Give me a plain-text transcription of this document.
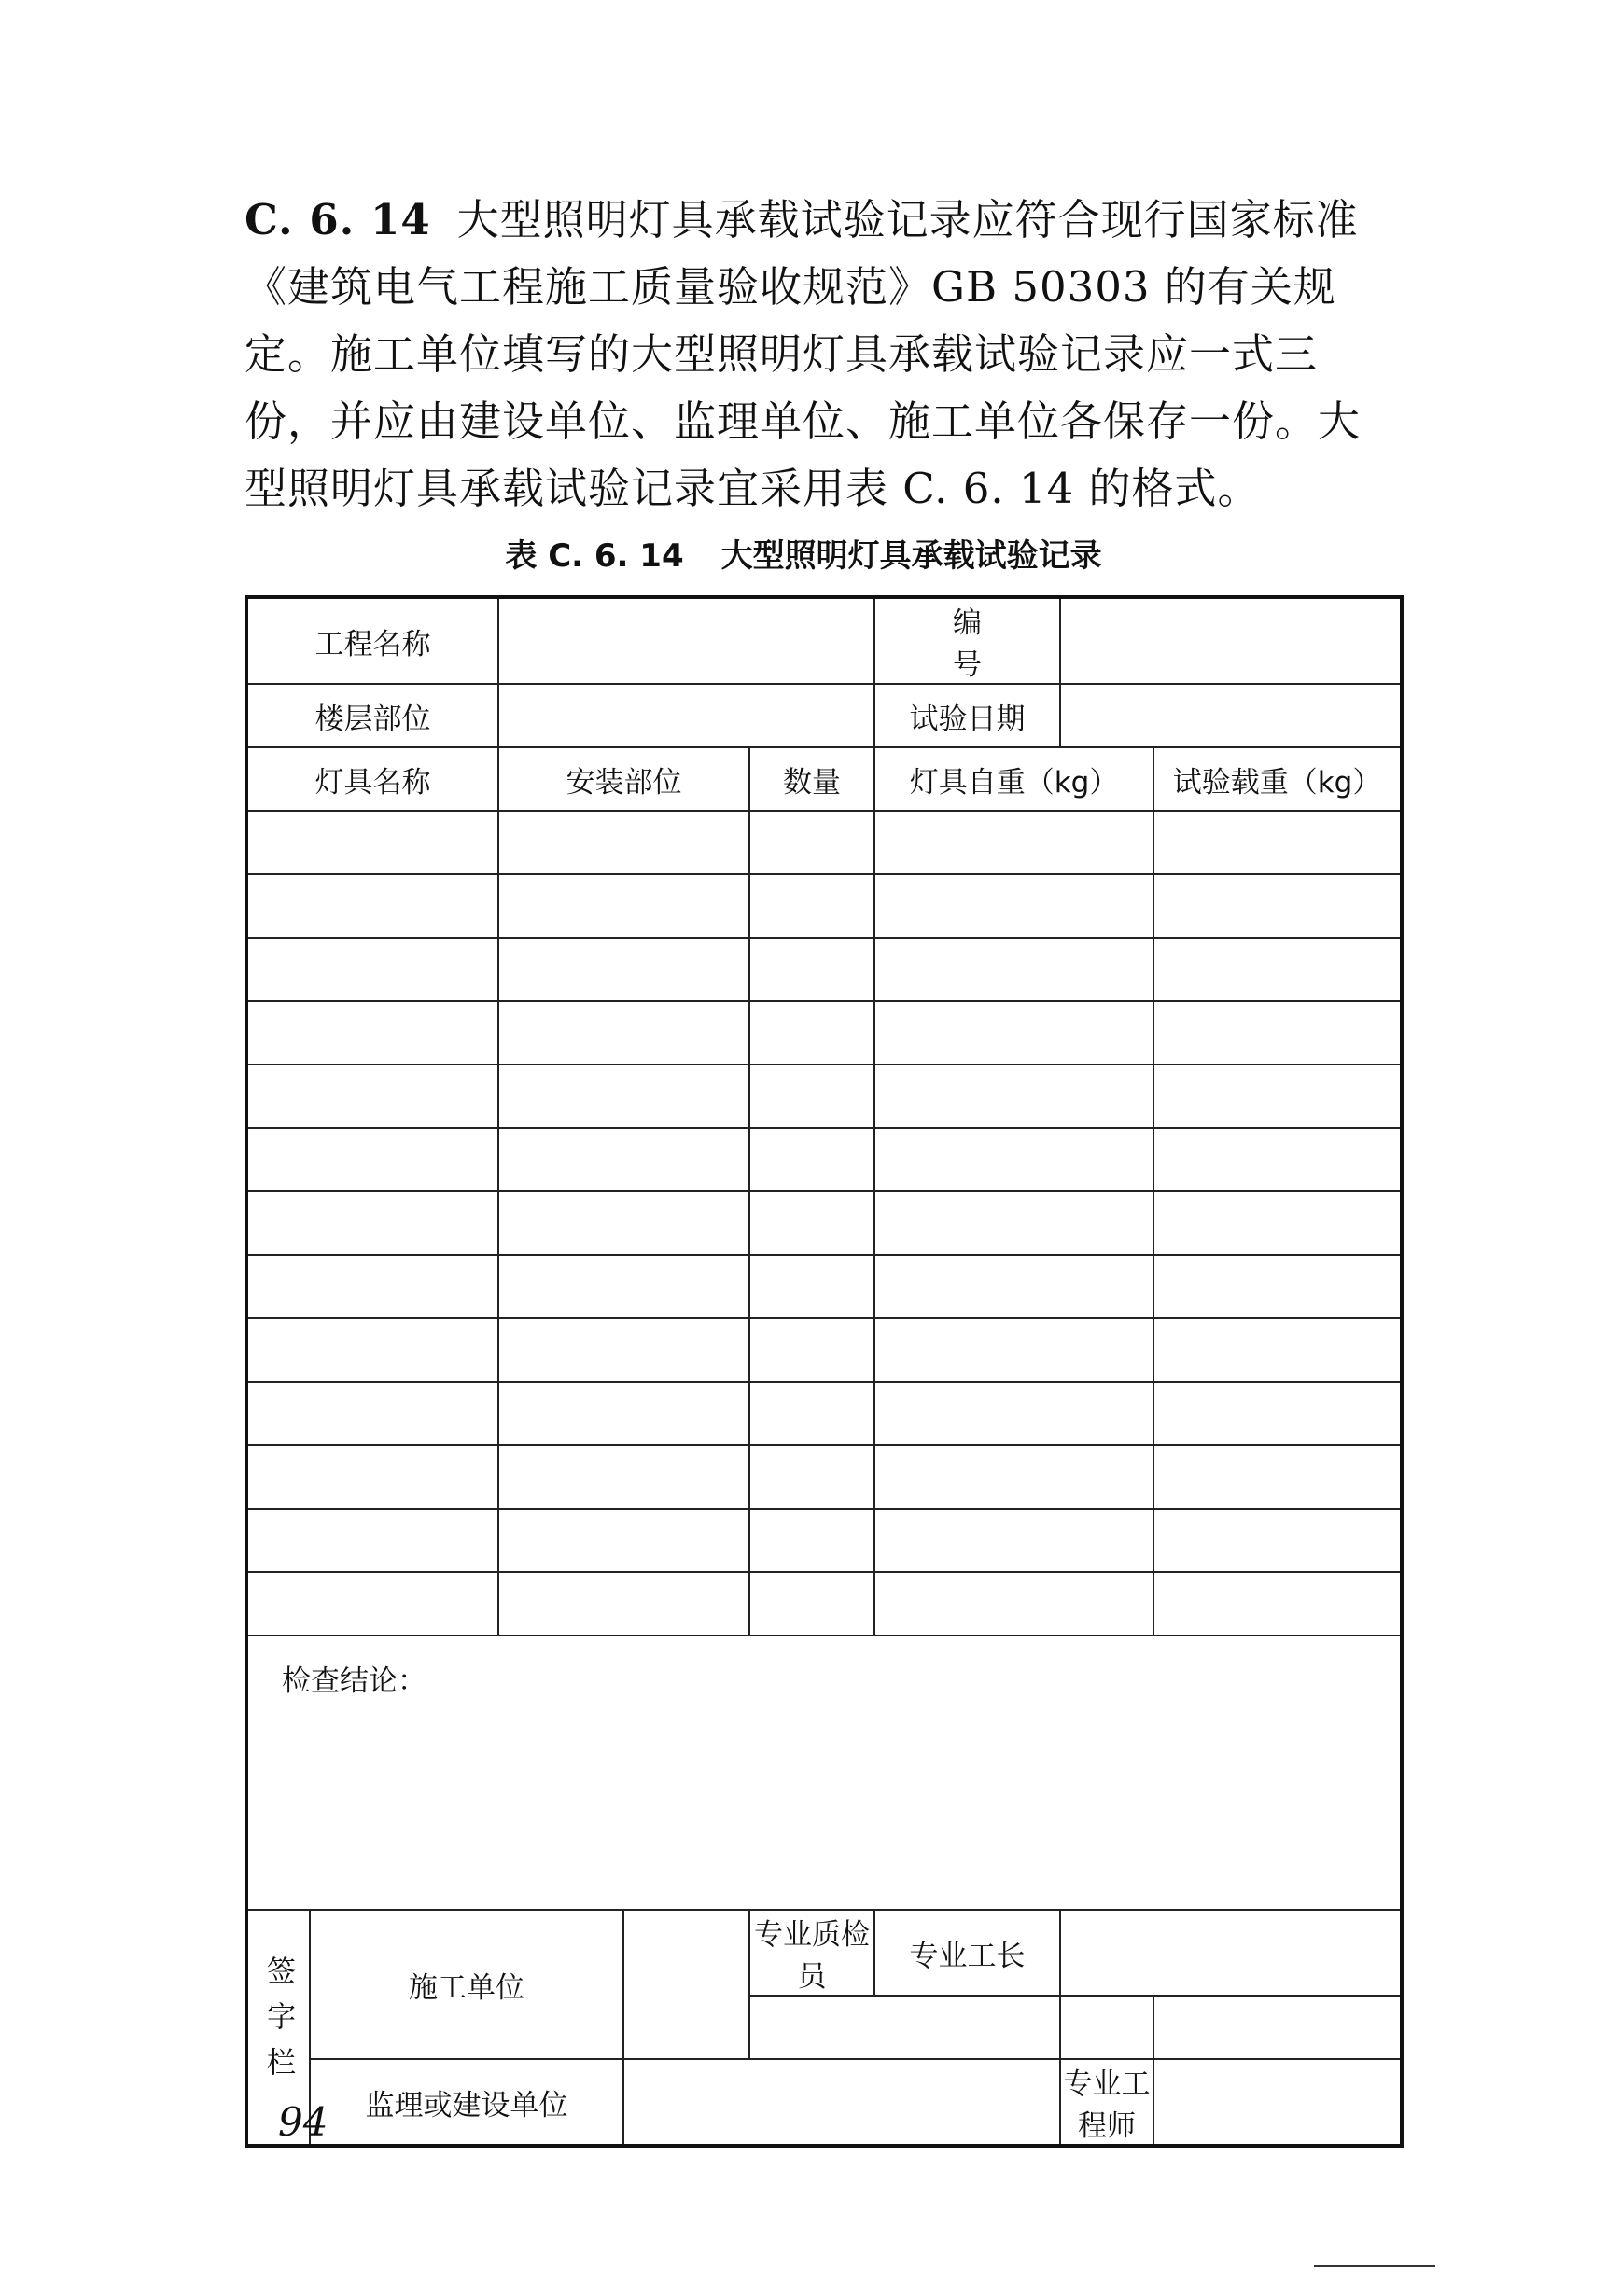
C. 6. 14 大型照明灯具承载试验记录应符合现行国家标准《建筑电气工程施工质量验收规范》GB 50303 的有关规定。施工单位填写的大型照明灯具承载试验记录应一式三份，并应由建设单位、监理单位、施工单位各保存一份。大型照明灯具承载试验记录宜采用表 C. 6. 14 的格式。

表 C. 6. 14 大型照明灯具承载试验记录
工程名称					编号		
楼层部位					试验日期		
灯具名称		安装部位		数量	灯具自重（kg）		试验载重（kg）

检查结论：							
签字栏	施工单位			专业质检员	专业工长		

	监理或建设单位					专业工程师	
94
